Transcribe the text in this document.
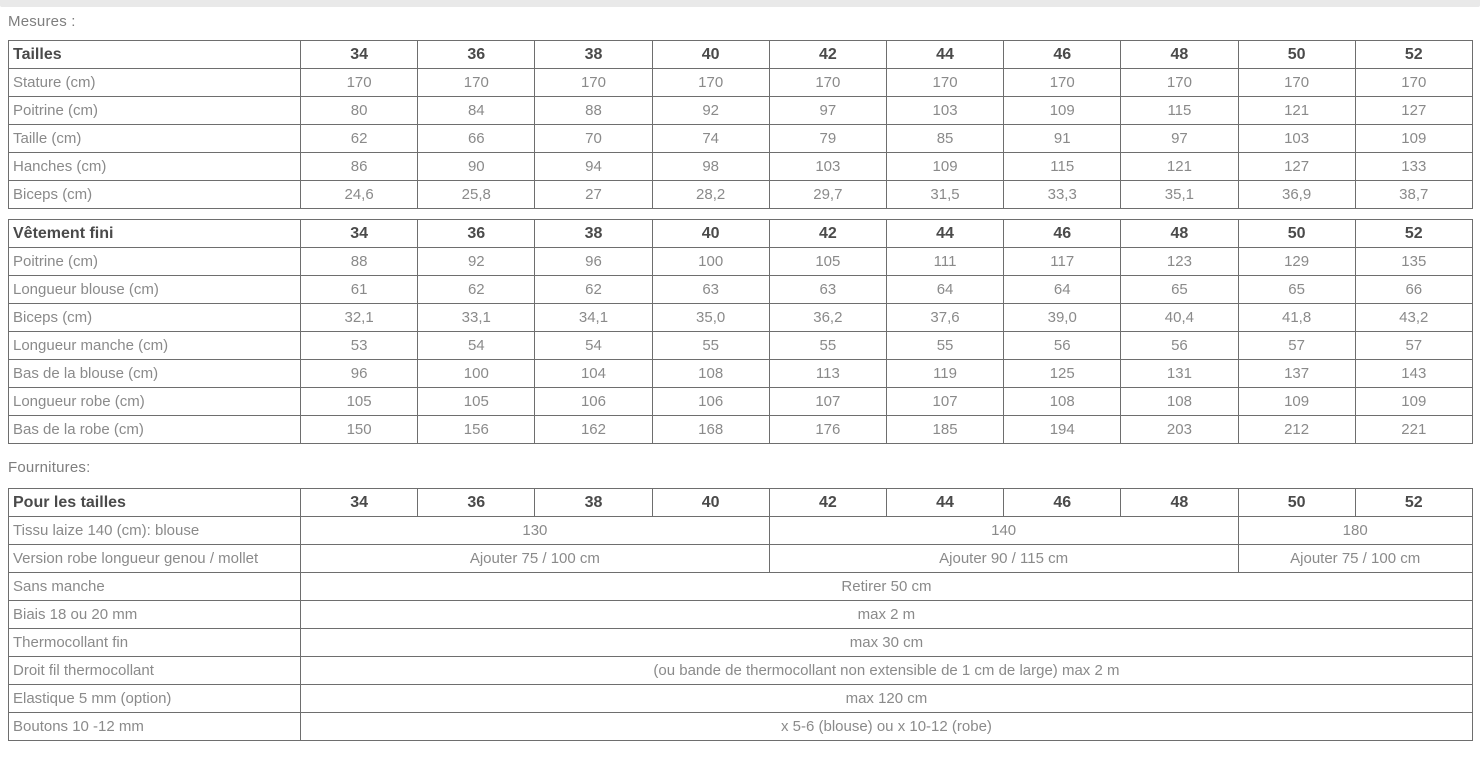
Mesures :
Tailles	34	36	38	40	42	44	46	48	50	52
Stature (cm)	170	170	170	170	170	170	170	170	170	170
Poitrine (cm)	80	84	88	92	97	103	109	115	121	127
Taille (cm)	62	66	70	74	79	85	91	97	103	109
Hanches (cm)	86	90	94	98	103	109	115	121	127	133
Biceps (cm)	24,6	25,8	27	28,2	29,7	31,5	33,3	35,1	36,9	38,7
Vêtement fini	34	36	38	40	42	44	46	48	50	52
Poitrine (cm)	88	92	96	100	105	111	117	123	129	135
Longueur blouse (cm)	61	62	62	63	63	64	64	65	65	66
Biceps (cm)	32,1	33,1	34,1	35,0	36,2	37,6	39,0	40,4	41,8	43,2
Longueur manche (cm)	53	54	54	55	55	55	56	56	57	57
Bas de la blouse (cm)	96	100	104	108	113	119	125	131	137	143
Longueur robe (cm)	105	105	106	106	107	107	108	108	109	109
Bas de la robe (cm)	150	156	162	168	176	185	194	203	212	221
Fournitures:
Pour les tailles	34	36	38	40	42	44	46	48	50	52
Tissu laize 140 (cm): blouse	130				140				180	
Version robe longueur genou / mollet	Ajouter 75 / 100 cm				Ajouter 90 / 115 cm				Ajouter 75 / 100 cm	
Sans manche	Retirer 50 cm									
Biais 18 ou 20 mm	max 2 m									
Thermocollant fin	max 30 cm									
Droit fil thermocollant	(ou bande de thermocollant non extensible de 1 cm de large) max 2 m									
Elastique 5 mm (option)	max 120 cm									
Boutons 10 -12 mm	x 5-6 (blouse) ou x 10-12 (robe)									
